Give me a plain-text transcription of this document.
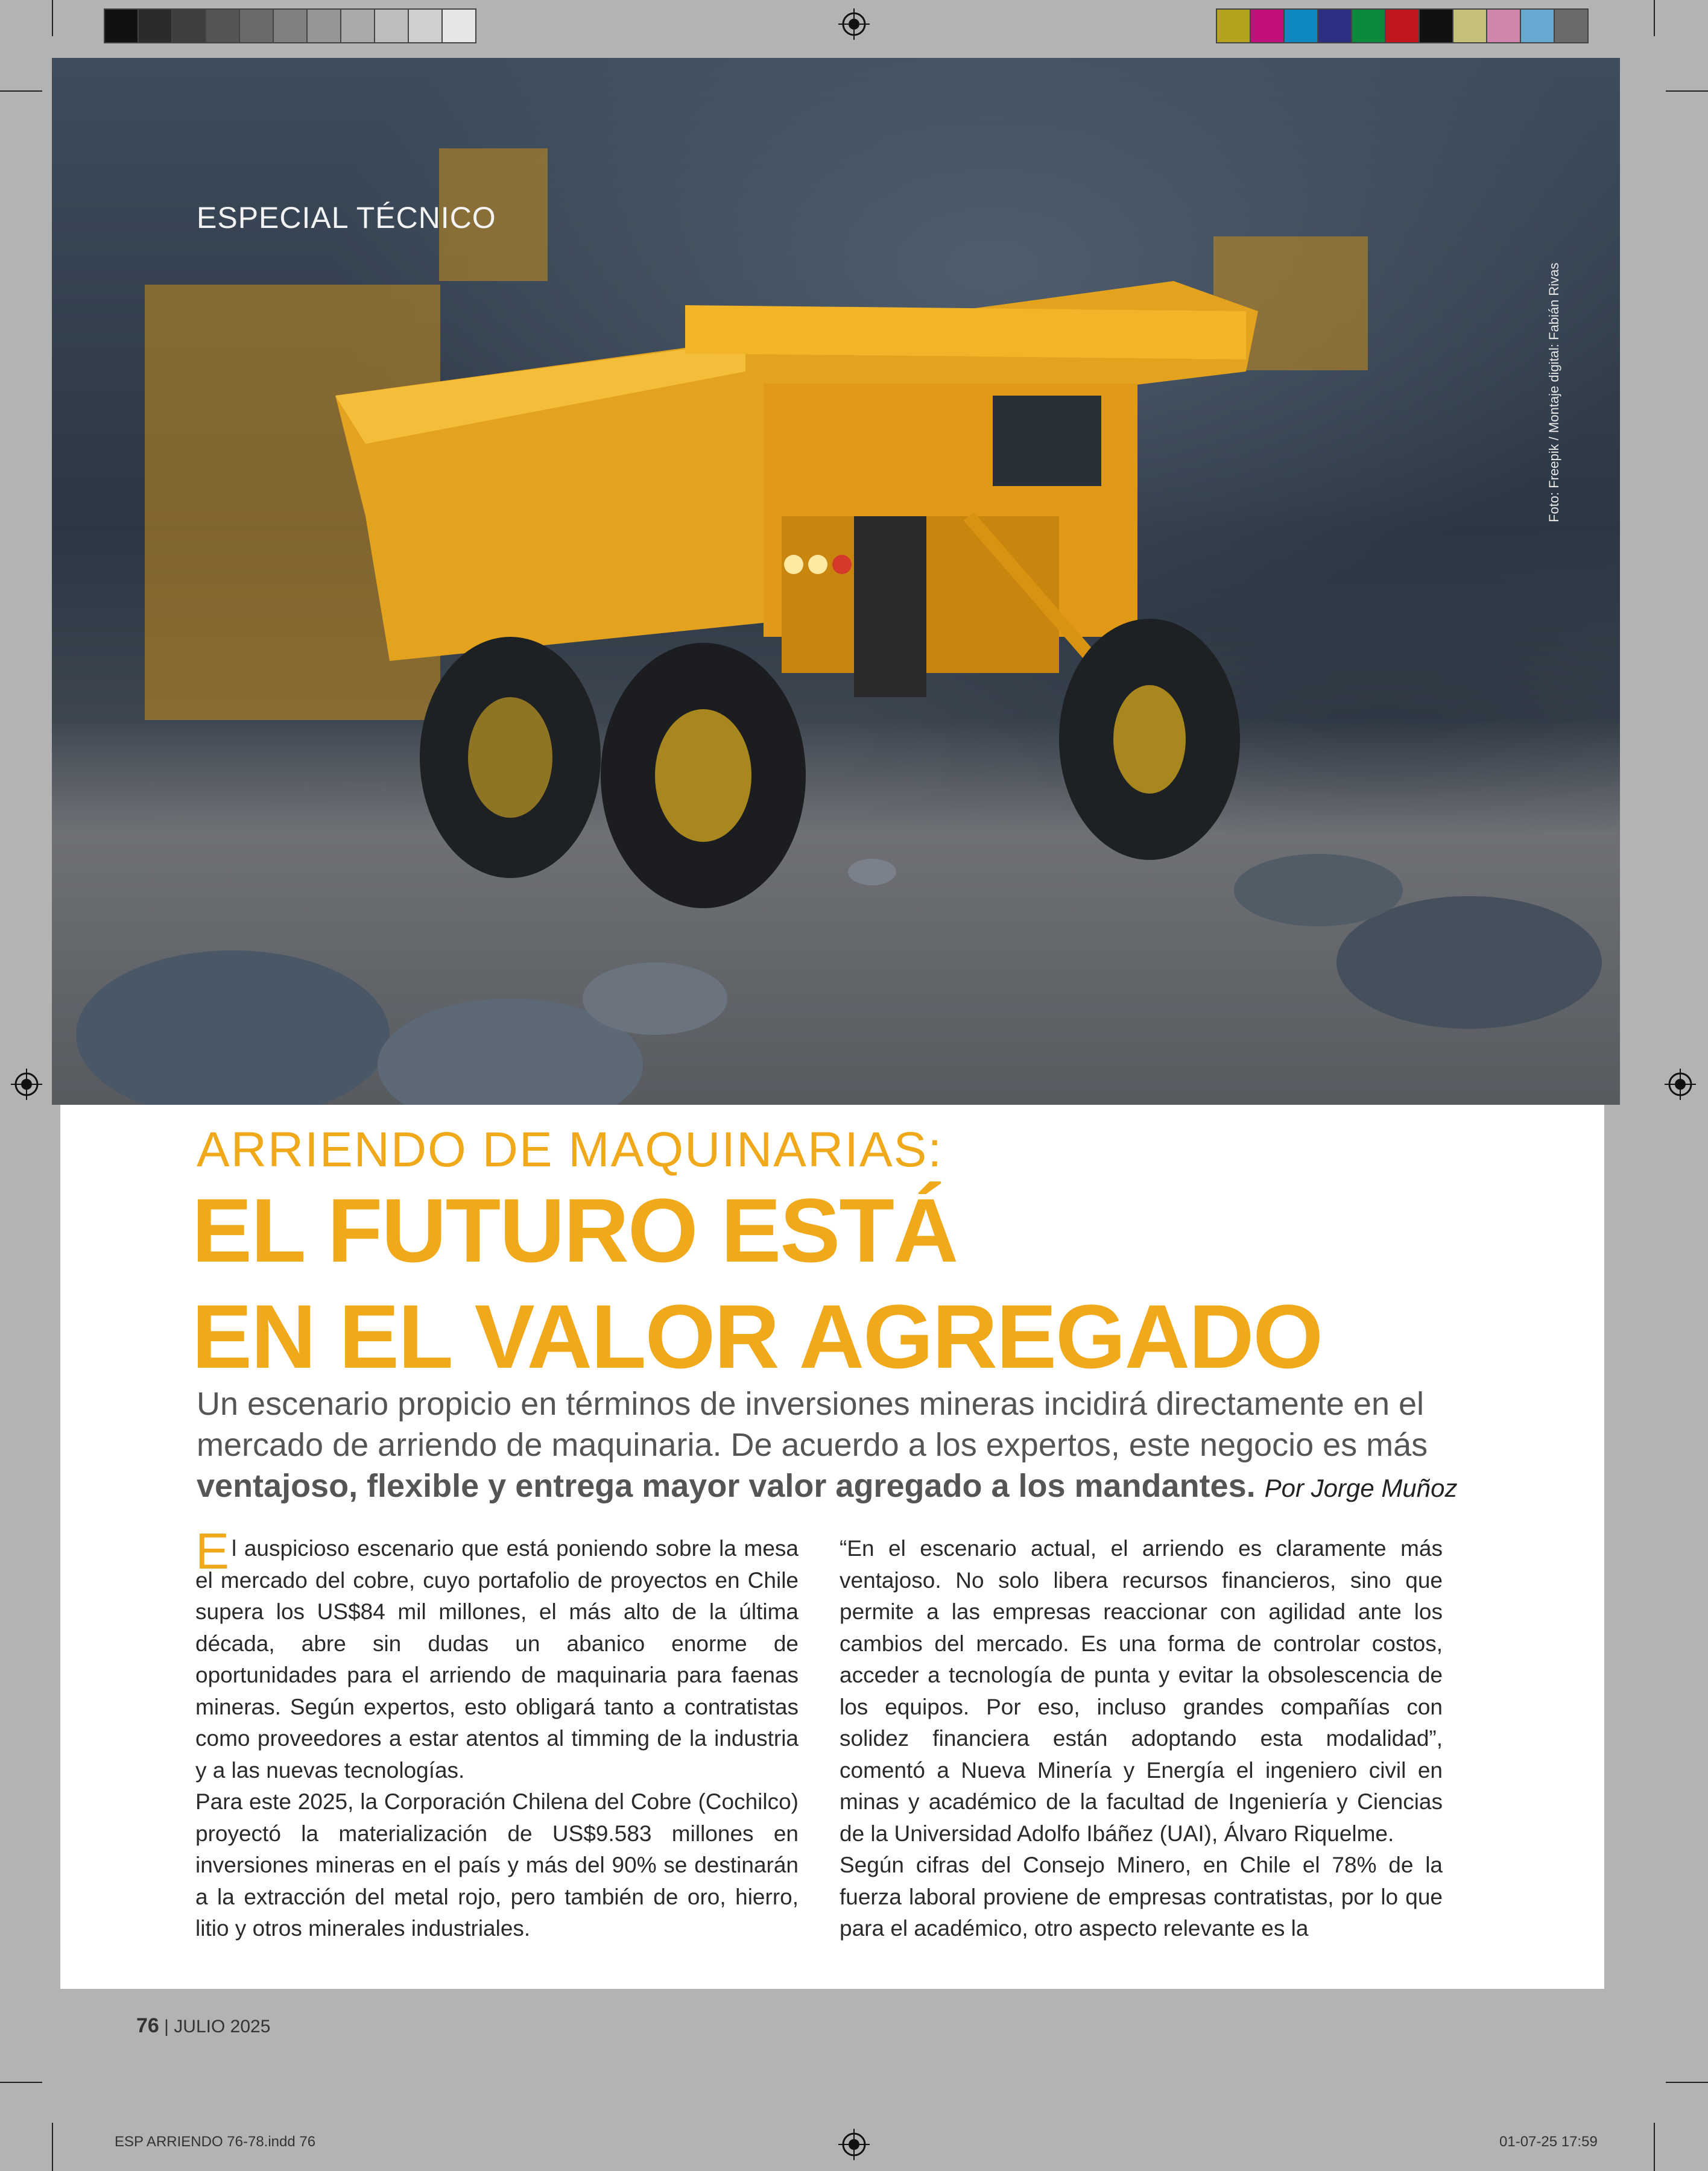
ESPECIAL TÉCNICO
Foto: Freepik / Montaje digital: Fabián Rivas
ARRIENDO DE MAQUINARIAS:
EL FUTURO ESTÁ
EN EL VALOR AGREGADO
Un escenario propicio en términos de inversiones mineras incidirá directamente en el mercado de arriendo de maquinaria. De acuerdo a los expertos, este negocio es más ventajoso, flexible y entrega mayor valor agregado a los mandantes. Por Jorge Muñoz

El auspicioso escenario que está poniendo sobre la mesa el mercado del cobre, cuyo portafolio de proyectos en Chile supera los US$84 mil millones, el más alto de la última década, abre sin dudas un abanico enorme de oportunidades para el arriendo de maquinaria para faenas mineras. Según expertos, esto obligará tanto a contratistas como proveedores a estar atentos al timming de la industria y a las nuevas tecnologías.

Para este 2025, la Corporación Chilena del Cobre (Cochilco) proyectó la materialización de US$9.583 millones en inversiones mineras en el país y más del 90% se destinarán a la extracción del metal rojo, pero también de oro, hierro, litio y otros minerales industriales.

“En el escenario actual, el arriendo es claramente más ventajoso. No solo libera recursos financieros, sino que permite a las empresas reaccionar con agilidad ante los cambios del mercado. Es una forma de controlar costos, acceder a tecnología de punta y evitar la obsolescencia de los equipos. Por eso, incluso grandes compañías con solidez financiera están adoptando esta modalidad”, comentó a Nueva Minería y Energía el ingeniero civil en minas y académico de la facultad de Ingeniería y Ciencias de la Universidad Adolfo Ibáñez (UAI), Álvaro Riquelme.

Según cifras del Consejo Minero, en Chile el 78% de la fuerza laboral proviene de empresas contratistas, por lo que para el académico, otro aspecto relevante es la

76 | JULIO 2025
ESP ARRIENDO 76-78.indd 76	01-07-25 17:59
